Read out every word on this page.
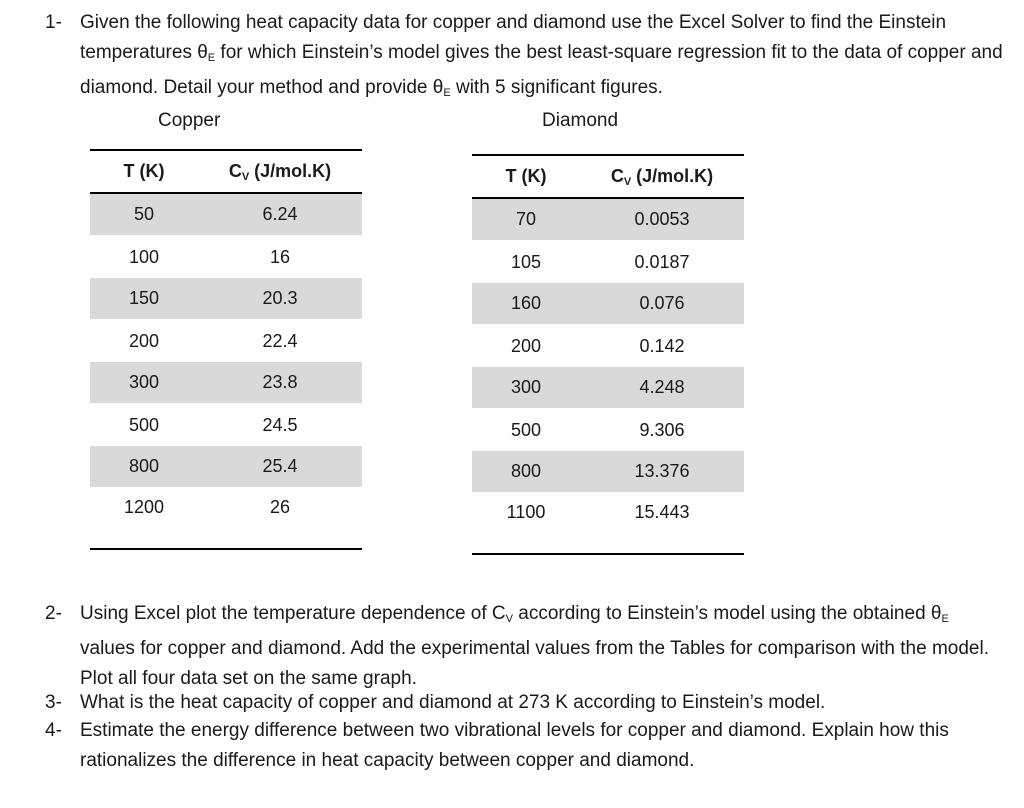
1- Given the following heat capacity data for copper and diamond use the Excel Solver to find the Einstein temperatures $\theta_E$ for which Einstein’s model gives the best least-square regression fit to the data of copper and diamond. Detail your method and provide $\theta_E$ with 5 significant figures.
Copper
T (K)	$C_V$ (J/mol.K)
50	6.24
100	16
150	20.3
200	22.4
300	23.8
500	24.5
800	25.4
1200	26
Diamond
T (K)	$C_V$ (J/mol.K)
70	0.0053
105	0.0187
160	0.076
200	0.142
300	4.248
500	9.306
800	13.376
1100	15.443
2- Using Excel plot the temperature dependence of $C_V$ according to Einstein’s model using the obtained $\theta_E$ values for copper and diamond. Add the experimental values from the Tables for comparison with the model. Plot all four data set on the same graph.
3- What is the heat capacity of copper and diamond at 273 K according to Einstein’s model.
4- Estimate the energy difference between two vibrational levels for copper and diamond. Explain how this rationalizes the difference in heat capacity between copper and diamond.
